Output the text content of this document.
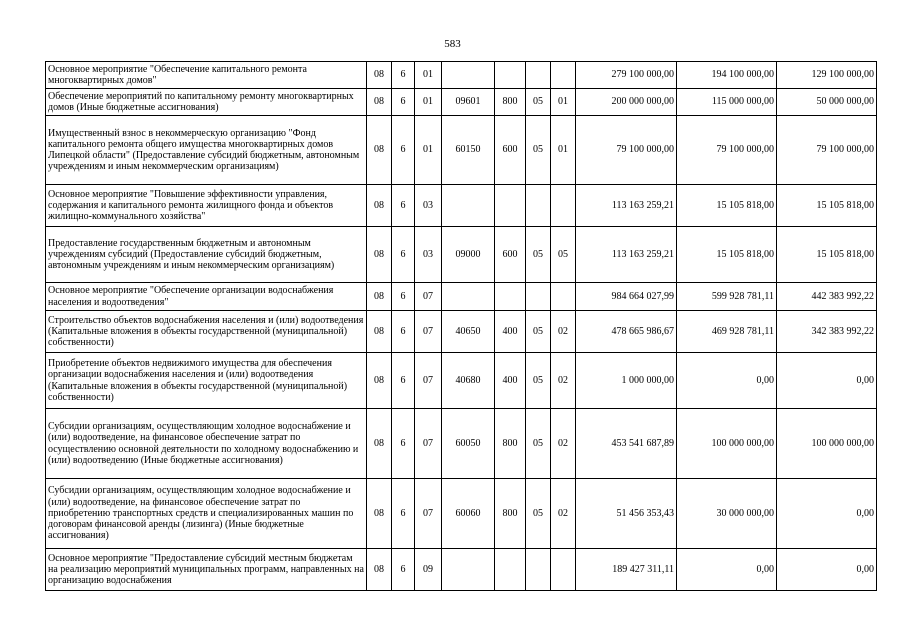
583
Основное мероприятие "Обеспечение капитального ремонта многоквартирных домов"	08	6	01					279 100 000,00	194 100 000,00	129 100 000,00
Обеспечение мероприятий по капитальному ремонту многоквартирных домов (Иные бюджетные ассигнования)	08	6	01	09601	800	05	01	200 000 000,00	115 000 000,00	50 000 000,00
Имущественный взнос в некоммерческую организацию "Фонд капитального ремонта общего имущества многоквартирных домов Липецкой области" (Предоставление субсидий бюджетным, автономным учреждениям и иным некоммерческим организациям)	08	6	01	60150	600	05	01	79 100 000,00	79 100 000,00	79 100 000,00
Основное мероприятие "Повышение эффективности управления, содержания и капитального ремонта жилищного фонда и объектов жилищно-коммунального хозяйства"	08	6	03					113 163 259,21	15 105 818,00	15 105 818,00
Предоставление государственным бюджетным и автономным учреждениям субсидий (Предоставление субсидий бюджетным, автономным учреждениям и иным некоммерческим организациям)	08	6	03	09000	600	05	05	113 163 259,21	15 105 818,00	15 105 818,00
Основное мероприятие "Обеспечение организации водоснабжения населения и водоотведения"	08	6	07					984 664 027,99	599 928 781,11	442 383 992,22
Строительство объектов водоснабжения населения и (или) водоотведения (Капитальные вложения в объекты государственной (муниципальной) собственности)	08	6	07	40650	400	05	02	478 665 986,67	469 928 781,11	342 383 992,22
Приобретение объектов недвижимого имущества для обеспечения организации водоснабжения населения и (или) водоотведения (Капитальные вложения в объекты государственной (муниципальной) собственности)	08	6	07	40680	400	05	02	1 000 000,00	0,00	0,00
Субсидии организациям, осуществляющим холодное водоснабжение и (или) водоотведение, на финансовое обеспечение затрат по осуществлению основной деятельности по холодному водоснабжению и (или) водоотведению (Иные бюджетные ассигнования)	08	6	07	60050	800	05	02	453 541 687,89	100 000 000,00	100 000 000,00
Субсидии организациям, осуществляющим холодное водоснабжение и (или) водоотведение, на финансовое обеспечение затрат по приобретению транспортных средств и специализированных машин по договорам финансовой аренды (лизинга) (Иные бюджетные ассигнования)	08	6	07	60060	800	05	02	51 456 353,43	30 000 000,00	0,00
Основное мероприятие "Предоставление субсидий местным бюджетам на реализацию мероприятий муниципальных программ, направленных на организацию водоснабжения	08	6	09					189 427 311,11	0,00	0,00
